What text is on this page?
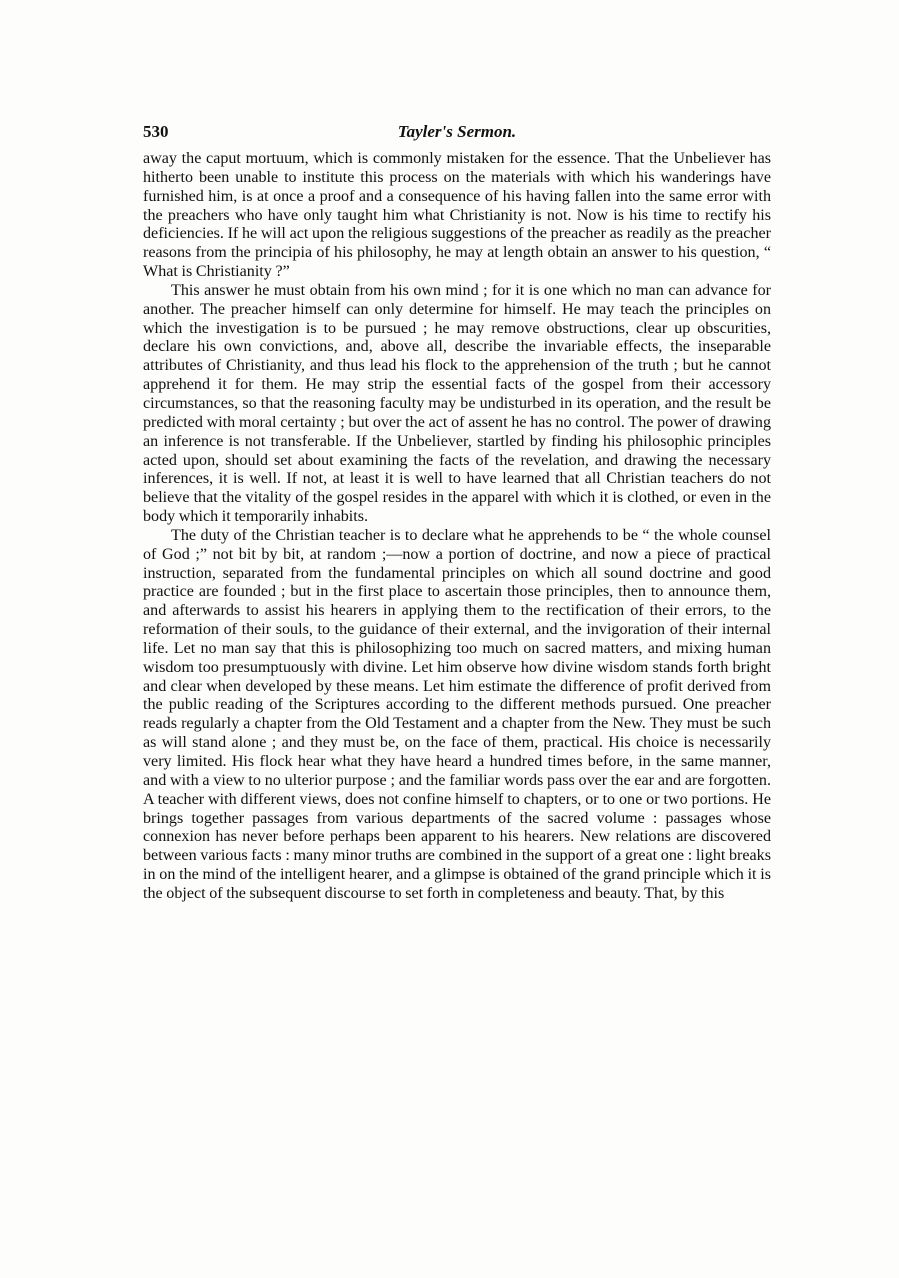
530	Tayler's Sermon.

away the caput mortuum, which is commonly mistaken for the essence. That the Unbeliever has hitherto been unable to institute this process on the materials with which his wanderings have furnished him, is at once a proof and a consequence of his having fallen into the same error with the preachers who have only taught him what Christianity is not. Now is his time to rectify his deficiencies. If he will act upon the religious suggestions of the preacher as readily as the preacher reasons from the principia of his philosophy, he may at length obtain an answer to his question, “ What is Christianity ?”

This answer he must obtain from his own mind ; for it is one which no man can advance for another. The preacher himself can only determine for himself. He may teach the principles on which the investigation is to be pursued ; he may remove obstructions, clear up obscurities, declare his own convictions, and, above all, describe the invariable effects, the inseparable attributes of Christianity, and thus lead his flock to the apprehension of the truth ; but he cannot apprehend it for them. He may strip the essential facts of the gospel from their accessory circumstances, so that the reasoning faculty may be undisturbed in its operation, and the result be predicted with moral certainty ; but over the act of assent he has no control. The power of drawing an inference is not transferable. If the Unbeliever, startled by finding his philosophic principles acted upon, should set about examining the facts of the revelation, and drawing the necessary inferences, it is well. If not, at least it is well to have learned that all Christian teachers do not believe that the vitality of the gospel resides in the apparel with which it is clothed, or even in the body which it temporarily inhabits.

The duty of the Christian teacher is to declare what he apprehends to be “ the whole counsel of God ;” not bit by bit, at random ;—now a portion of doctrine, and now a piece of practical instruction, separated from the fundamental principles on which all sound doctrine and good practice are founded ; but in the first place to ascertain those principles, then to announce them, and afterwards to assist his hearers in applying them to the rectification of their errors, to the reformation of their souls, to the guidance of their external, and the invigoration of their internal life. Let no man say that this is philosophizing too much on sacred matters, and mixing human wisdom too presumptuously with divine. Let him observe how divine wisdom stands forth bright and clear when developed by these means. Let him estimate the difference of profit derived from the public reading of the Scriptures according to the different methods pursued. One preacher reads regularly a chapter from the Old Testament and a chapter from the New. They must be such as will stand alone ; and they must be, on the face of them, practical. His choice is necessarily very limited. His flock hear what they have heard a hundred times before, in the same manner, and with a view to no ulterior purpose ; and the familiar words pass over the ear and are forgotten. A teacher with different views, does not confine himself to chapters, or to one or two portions. He brings together passages from various departments of the sacred volume : passages whose connexion has never before perhaps been apparent to his hearers. New relations are discovered between various facts : many minor truths are combined in the support of a great one : light breaks in on the mind of the intelligent hearer, and a glimpse is obtained of the grand principle which it is the object of the subsequent discourse to set forth in completeness and beauty. That, by this
